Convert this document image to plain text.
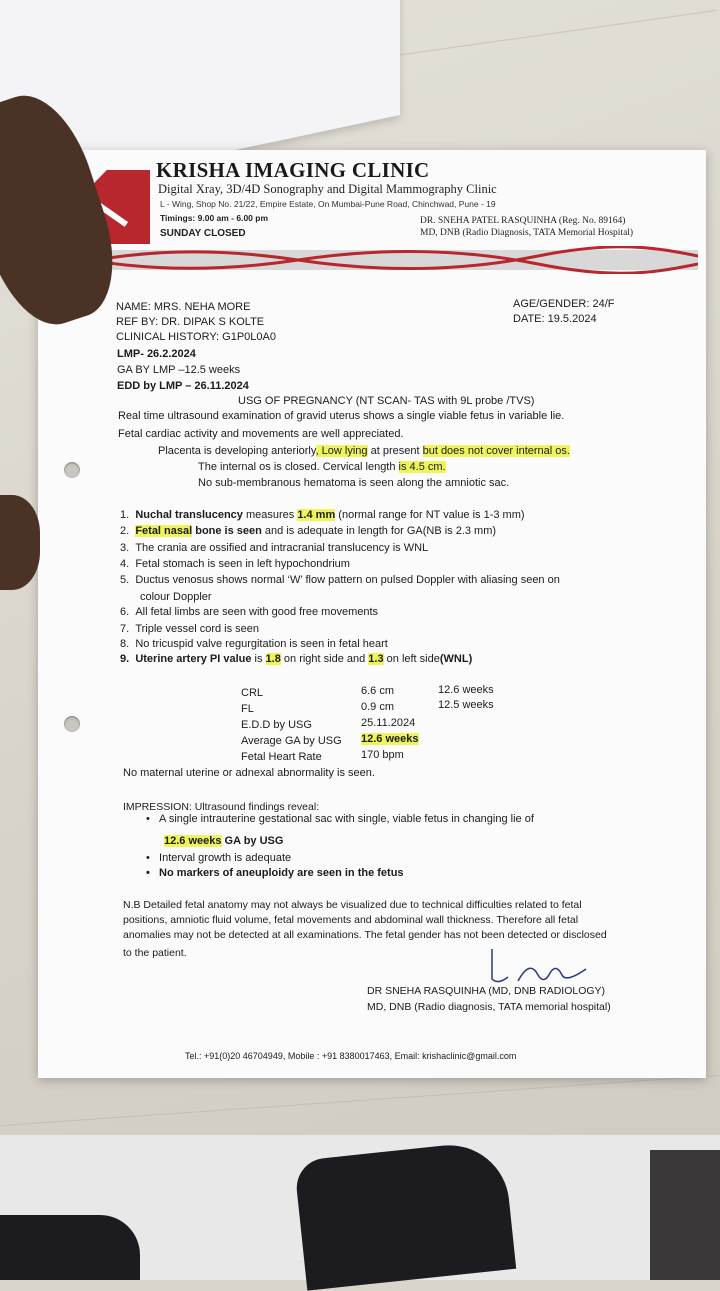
KRISHA IMAGING CLINIC
Digital Xray, 3D/4D Sonography and Digital Mammography Clinic
L - Wing, Shop No. 21/22, Empire Estate, On Mumbai-Pune Road, Chinchwad, Pune - 19
Timings: 9.00 am - 6.00 pm
SUNDAY CLOSED
DR. SNEHA PATEL RASQUINHA (Reg. No. 89164)
MD, DNB (Radio Diagnosis, TATA Memorial Hospital)
NAME: MRS. NEHA MORE
REF BY: DR. DIPAK S KOLTE
CLINICAL HISTORY: G1P0L0A0
LMP- 26.2.2024
GA BY LMP –12.5 weeks
EDD by LMP – 26.11.2024
AGE/GENDER: 24/F
DATE: 19.5.2024
USG OF PREGNANCY (NT SCAN- TAS with 9L probe /TVS)
Real time ultrasound examination of gravid uterus shows a single viable fetus in variable lie.
Fetal cardiac activity and movements are well appreciated.
Placenta is developing anteriorly, Low lying at present but does not cover internal os.
The internal os is closed. Cervical length is 4.5 cm.
No sub-membranous hematoma is seen along the amniotic sac.
1. Nuchal translucency measures 1.4 mm (normal range for NT value is 1-3 mm)
2. Fetal nasal bone is seen and is adequate in length for GA(NB is 2.3 mm)
3. The crania are ossified and intracranial translucency is WNL
4. Fetal stomach is seen in left hypochondrium
5. Ductus venosus shows normal ‘W’ flow pattern on pulsed Doppler with aliasing seen on
colour Doppler
6. All fetal limbs are seen with good free movements
7. Triple vessel cord is seen
8. No tricuspid valve regurgitation is seen in fetal heart
9. Uterine artery PI value is 1.8 on right side and 1.3 on left side(WNL)
CRL	6.6 cm	12.6 weeks
FL	0.9 cm	12.5 weeks
E.D.D by USG	25.11.2024
Average GA by USG 12.6 weeks
Fetal Heart Rate	170 bpm
No maternal uterine or adnexal abnormality is seen.
IMPRESSION: Ultrasound findings reveal:
•   A single intrauterine gestational sac with single, viable fetus in changing lie of
12.6 weeks GA by USG
•   Interval growth is adequate
•   No markers of aneuploidy are seen in the fetus
N.B Detailed fetal anatomy may not always be visualized due to technical difficulties related to fetal
positions, amniotic fluid volume, fetal movements and abdominal wall thickness. Therefore all fetal
anomalies may not be detected at all examinations. The fetal gender has not been detected or disclosed
to the patient.
DR SNEHA RASQUINHA (MD, DNB RADIOLOGY)
MD, DNB (Radio diagnosis, TATA memorial hospital)
Tel.: +91(0)20 46704949, Mobile : +91 8380017463, Email: krishaclinic@gmail.com
